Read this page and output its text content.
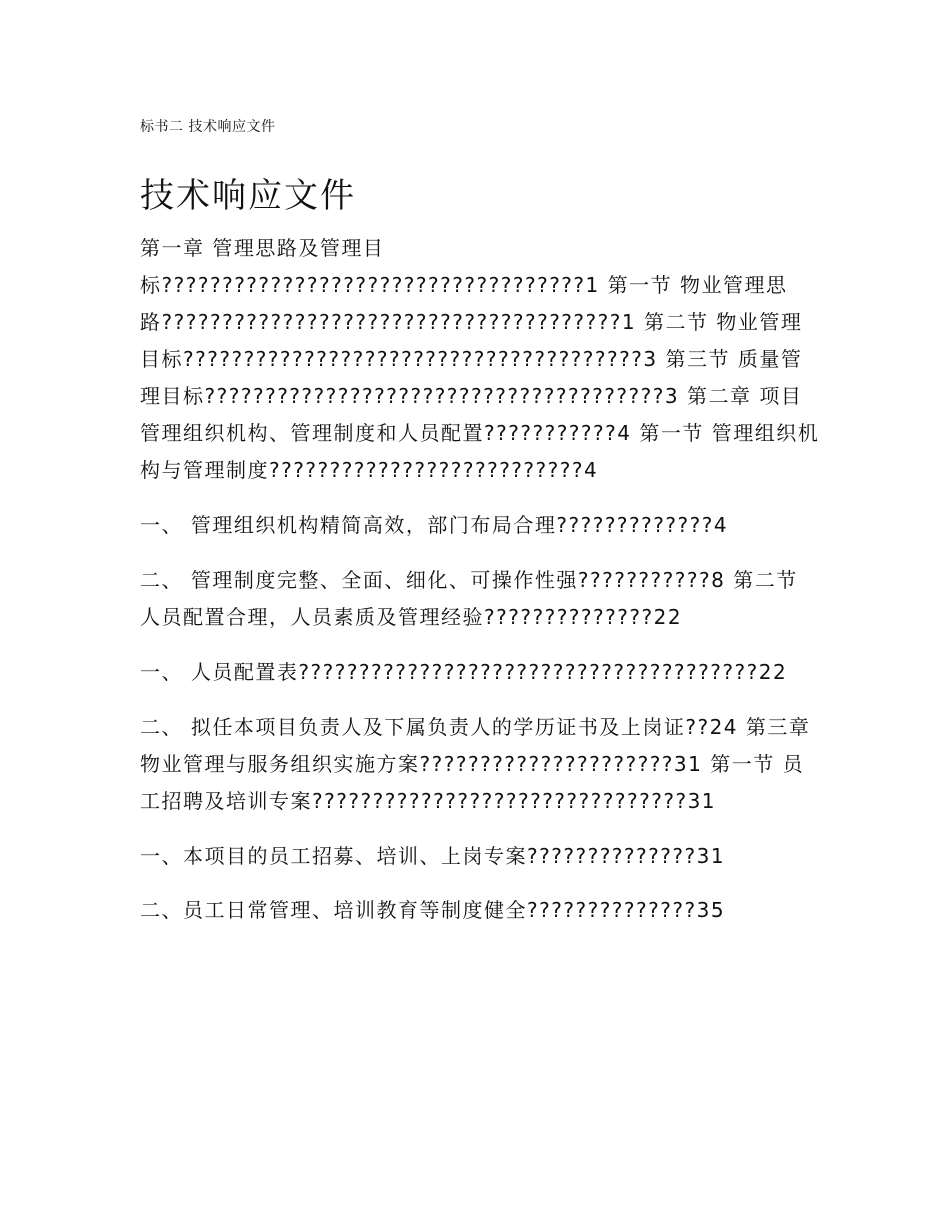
标书二 技术响应文件
技术响应文件

第一章 管理思路及管理目标???????????????????????????????????1 第一节 物业管理思路??????????????????????????????????????1 第二节 物业管理目标??????????????????????????????????????3 第三节 质量管理目标??????????????????????????????????????3 第二章 项目管理组织机构、管理制度和人员配置???????????4 第一节 管理组织机构与管理制度??????????????????????????4

一、 管理组织机构精简高效，部门布局合理?????????????4

二、 管理制度完整、全面、细化、可操作性强???????????8 第二节 人员配置合理，人员素质及管理经验??????????????22

一、 人员配置表??????????????????????????????????????22

二、 拟任本项目负责人及下属负责人的学历证书及上岗证??24 第三章 物业管理与服务组织实施方案?????????????????????31 第一节 员工招聘及培训专案???????????????????????????????31

一、本项目的员工招募、培训、上岗专案??????????????31

二、员工日常管理、培训教育等制度健全??????????????35
